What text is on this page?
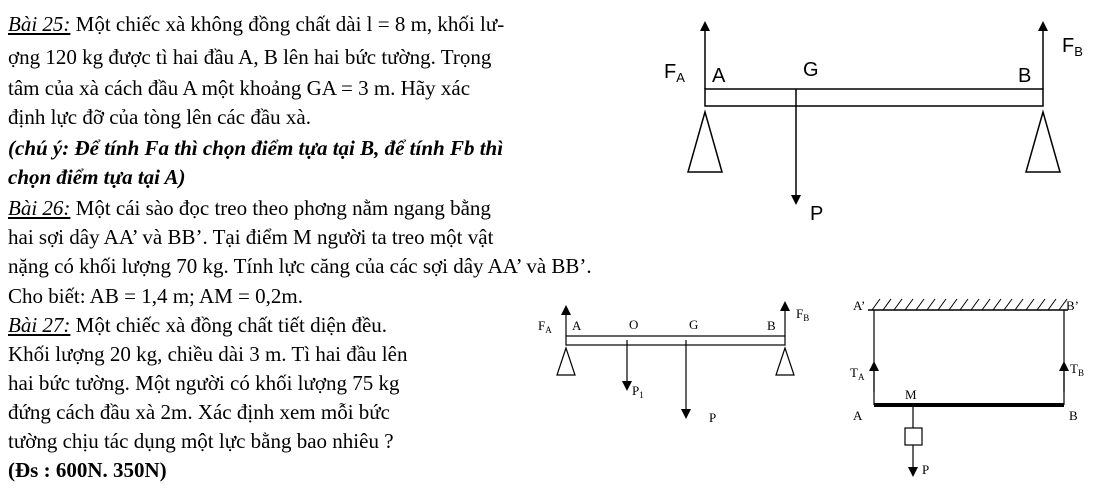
Bài 25: Một chiếc xà không đồng chất dài l = 8 m, khối lư-
ợng 120 kg được tì hai đầu A, B lên hai bức tường. Trọng
tâm của xà cách đầu A một khoảng GA = 3 m. Hãy xác
định lực đỡ của tòng lên các đầu xà.
(chú ý: Để tính Fa thì chọn điểm tựa tại B, để tính Fb thì
chọn điểm tựa tại A)
Bài 26: Một cái sào đọc treo theo phơng nằm ngang bằng
hai sợi dây AA’ và BB’. Tại điểm M người ta treo một vật
nặng có khối lượng 70 kg. Tính lực căng của các sợi dây AA’ và BB’.
Cho biết: AB = 1,4 m; AM = 0,2m.
Bài 27: Một chiếc xà đồng chất tiết diện đều.
Khối lượng 20 kg, chiều dài 3 m. Tì hai đầu lên
hai bức tường. Một người có khối lượng 75 kg
đứng cách đầu xà 2m. Xác định xem mỗi bức
tường chịu tác dụng một lực bằng bao nhiêu ?
(Đs : 600N. 350N)
$F_A$ A	G	B
$F_B$
P
$F_A$ A	O	G	B
$F_B$
$P_1$
P
A’	B’
$T_A$
$T_B$
M
A	B
P
